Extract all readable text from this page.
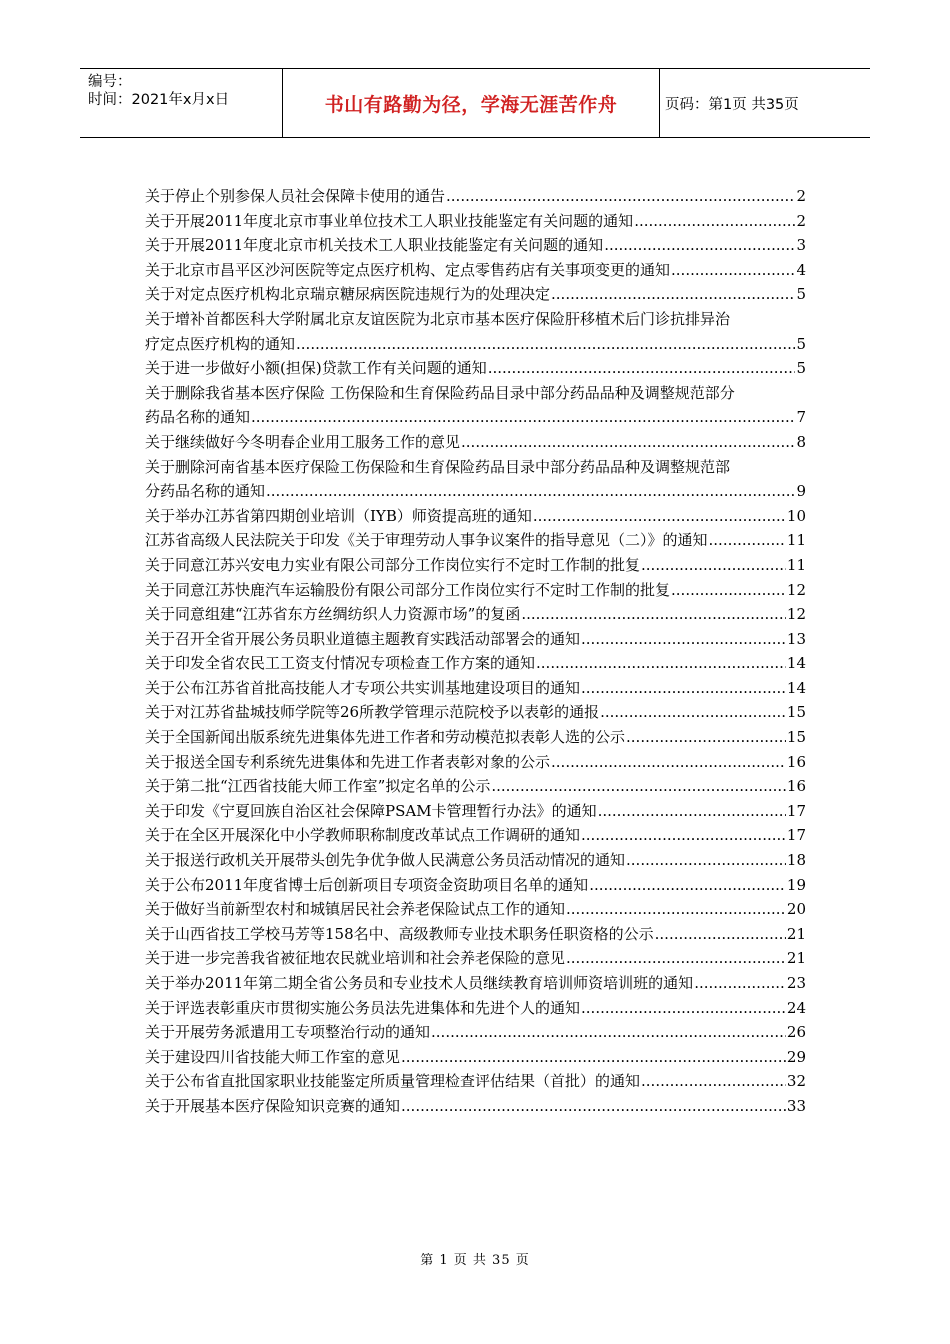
编号：
时间：2021年x月x日	书山有路勤为径，学海无涯苦作舟	页码：第1页 共35页
关于停止个别参保人员社会保障卡使用的通告 .....	2
关于开展2011年度北京市事业单位技术工人职业技能鉴定有关问题的通知 .....	2
关于开展2011年度北京市机关技术工人职业技能鉴定有关问题的通知 .....	3
关于北京市昌平区沙河医院等定点医疗机构、定点零售药店有关事项变更的通知 .....	4
关于对定点医疗机构北京瑞京糖尿病医院违规行为的处理决定 .....	5
关于增补首都医科大学附属北京友谊医院为北京市基本医疗保险肝移植术后门诊抗排异治
疗定点医疗机构的通知 .....	5
关于进一步做好小额(担保)贷款工作有关问题的通知 .....	5
关于删除我省基本医疗保险 工伤保险和生育保险药品目录中部分药品品种及调整规范部分
药品名称的通知 .....	7
关于继续做好今冬明春企业用工服务工作的意见 .....	8
关于删除河南省基本医疗保险工伤保险和生育保险药品目录中部分药品品种及调整规范部
分药品名称的通知 .....	9
关于举办江苏省第四期创业培训（IYB）师资提高班的通知 .....	10
江苏省高级人民法院关于印发《关于审理劳动人事争议案件的指导意见（二）》的通知 .....	11
关于同意江苏兴安电力实业有限公司部分工作岗位实行不定时工作制的批复 .....	11
关于同意江苏快鹿汽车运输股份有限公司部分工作岗位实行不定时工作制的批复 .....	12
关于同意组建“江苏省东方丝绸纺织人力资源市场”的复函 .....	12
关于召开全省开展公务员职业道德主题教育实践活动部署会的通知 .....	13
关于印发全省农民工工资支付情况专项检查工作方案的通知 .....	14
关于公布江苏省首批高技能人才专项公共实训基地建设项目的通知 .....	14
关于对江苏省盐城技师学院等26所教学管理示范院校予以表彰的通报 .....	15
关于全国新闻出版系统先进集体先进工作者和劳动模范拟表彰人选的公示 .....	15
关于报送全国专利系统先进集体和先进工作者表彰对象的公示 .....	16
关于第二批“江西省技能大师工作室”拟定名单的公示 .....	16
关于印发《宁夏回族自治区社会保障PSAM卡管理暂行办法》的通知 .....	17
关于在全区开展深化中小学教师职称制度改革试点工作调研的通知 .....	17
关于报送行政机关开展带头创先争优争做人民满意公务员活动情况的通知 .....	18
关于公布2011年度省博士后创新项目专项资金资助项目名单的通知 .....	19
关于做好当前新型农村和城镇居民社会养老保险试点工作的通知 .....	20
关于山西省技工学校马芳等158名中、高级教师专业技术职务任职资格的公示 .....	21
关于进一步完善我省被征地农民就业培训和社会养老保险的意见 .....	21
关于举办2011年第二期全省公务员和专业技术人员继续教育培训师资培训班的通知 .....	23
关于评选表彰重庆市贯彻实施公务员法先进集体和先进个人的通知 .....	24
关于开展劳务派遣用工专项整治行动的通知 .....	26
关于建设四川省技能大师工作室的意见 .....	29
关于公布省直批国家职业技能鉴定所质量管理检查评估结果（首批）的通知 .....	32
关于开展基本医疗保险知识竞赛的通知 .....	33
第 1 页 共 35 页
